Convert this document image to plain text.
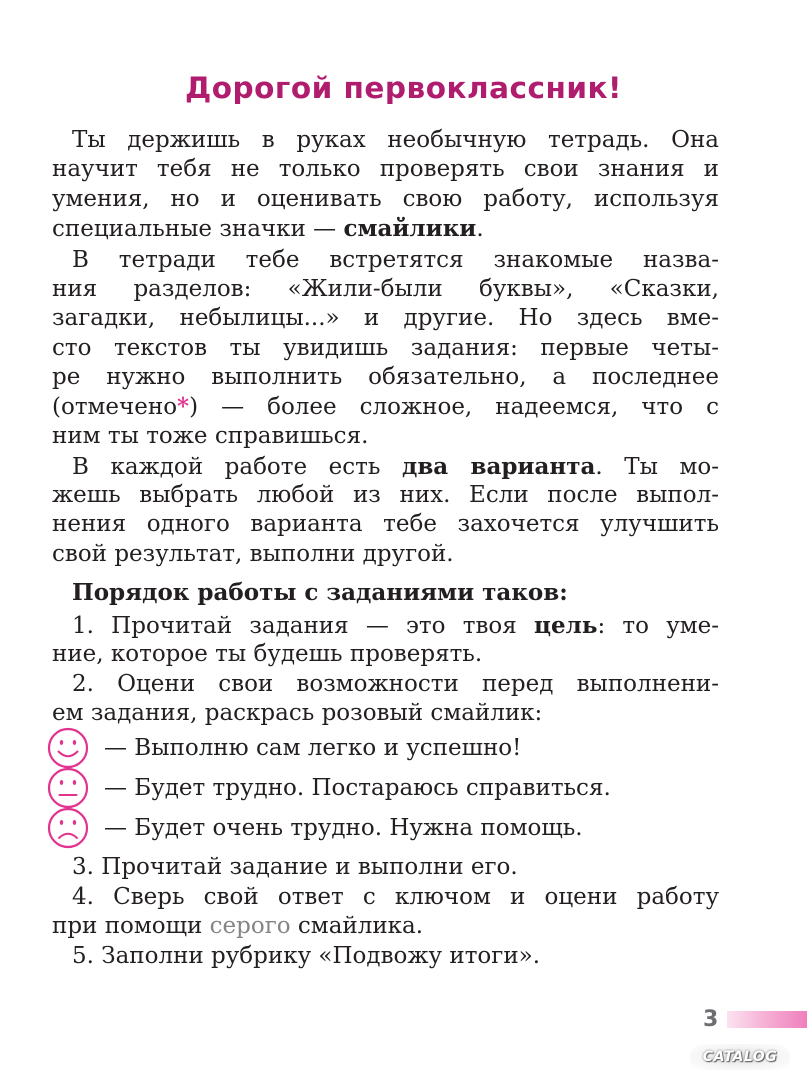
Дорогой первоклассник!
Ты держишь в руках необычную тетрадь. Она
научит тебя не только проверять свои знания и
умения, но и оценивать свою работу, используя
специальные значки — смайлики.
В тетради тебе встретятся знакомые назва-
ния разделов: «Жили-были буквы», «Сказки,
загадки, небылицы...» и другие. Но здесь вме-
сто текстов ты увидишь задания: первые четы-
ре нужно выполнить обязательно, а последнее
(отмечено*) — более сложное, надеемся, что с
ним ты тоже справишься.
В каждой работе есть два варианта. Ты мо-
жешь выбрать любой из них. Если после выпол-
нения одного варианта тебе захочется улучшить
свой результат, выполни другой.
Порядок работы с заданиями таков:
1. Прочитай задания — это твоя цель: то уме-
ние, которое ты будешь проверять.
2. Оцени свои возможности перед выполнени-
ем задания, раскрась розовый смайлик:
— Выполню сам легко и успешно!
— Будет трудно. Постараюсь справиться.
— Будет очень трудно. Нужна помощь.
3. Прочитай задание и выполни его.
4. Сверь свой ответ с ключом и оцени работу
при помощи серого смайлика.
5. Заполни рубрику «Подвожу итоги».
3
CATALOG
